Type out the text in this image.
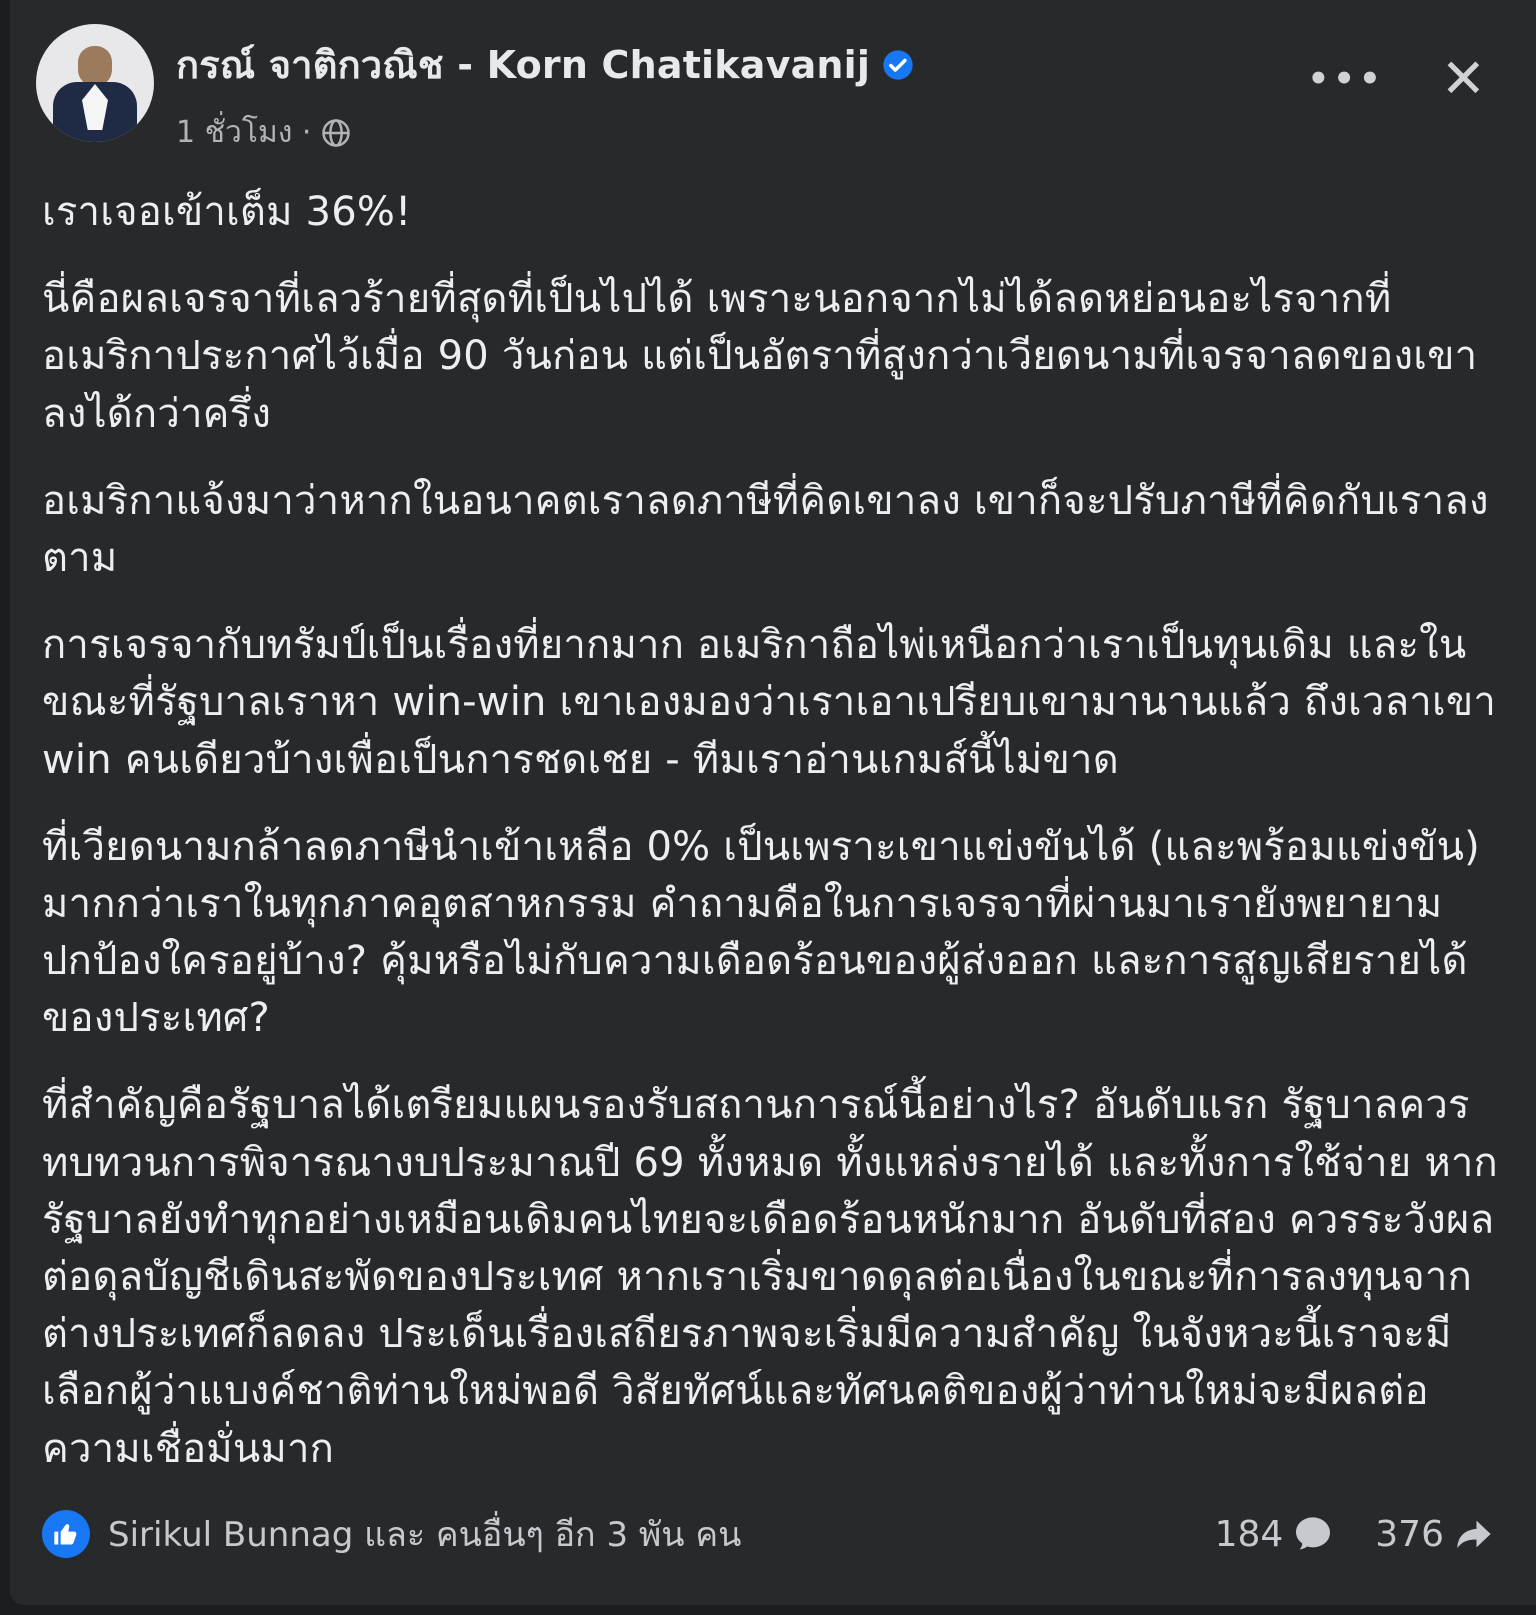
กรณ์ จาติกวณิช - Korn Chatikavanij
1 ชั่วโมง ·
••• ✕

เราเจอเข้าเต็ม 36%!

นี่คือผลเจรจาที่เลวร้ายที่สุดที่เป็นไปได้ เพราะนอกจากไม่ได้ลดหย่อนอะไรจากที่อเมริกาประกาศไว้เมื่อ 90 วันก่อน แต่เป็นอัตราที่สูงกว่าเวียดนามที่เจรจาลดของเขาลงได้กว่าครึ่ง

อเมริกาแจ้งมาว่าหากในอนาคตเราลดภาษีที่คิดเขาลง เขาก็จะปรับภาษีที่คิดกับเราลงตาม

การเจรจากับทรัมป์เป็นเรื่องที่ยากมาก อเมริกาถือไพ่เหนือกว่าเราเป็นทุนเดิม และในขณะที่รัฐบาลเราหา win-win เขาเองมองว่าเราเอาเปรียบเขามานานแล้ว ถึงเวลาเขา win คนเดียวบ้างเพื่อเป็นการชดเชย - ทีมเราอ่านเกมส์นี้ไม่ขาด

ที่เวียดนามกล้าลดภาษีนำเข้าเหลือ 0% เป็นเพราะเขาแข่งขันได้ (และพร้อมแข่งขัน) มากกว่าเราในทุกภาคอุตสาหกรรม คำถามคือในการเจรจาที่ผ่านมาเรายังพยายามปกป้องใครอยู่บ้าง? คุ้มหรือไม่กับความเดือดร้อนของผู้ส่งออก และการสูญเสียรายได้ของประเทศ?

ที่สำคัญคือรัฐบาลได้เตรียมแผนรองรับสถานการณ์นี้อย่างไร? อันดับแรก รัฐบาลควรทบทวนการพิจารณางบประมาณปี 69 ทั้งหมด ทั้งแหล่งรายได้ และทั้งการใช้จ่าย หากรัฐบาลยังทำทุกอย่างเหมือนเดิมคนไทยจะเดือดร้อนหนักมาก อันดับที่สอง ควรระวังผลต่อดุลบัญชีเดินสะพัดของประเทศ หากเราเริ่มขาดดุลต่อเนื่องในขณะที่การลงทุนจากต่างประเทศก็ลดลง ประเด็นเรื่องเสถียรภาพจะเริ่มมีความสำคัญ ในจังหวะนี้เราจะมีเลือกผู้ว่าแบงค์ชาติท่านใหม่พอดี วิสัยทัศน์และทัศนคติของผู้ว่าท่านใหม่จะมีผลต่อความเชื่อมั่นมาก

Sirikul Bunnag และ คนอื่นๆ อีก 3 พัน คน	184	376
